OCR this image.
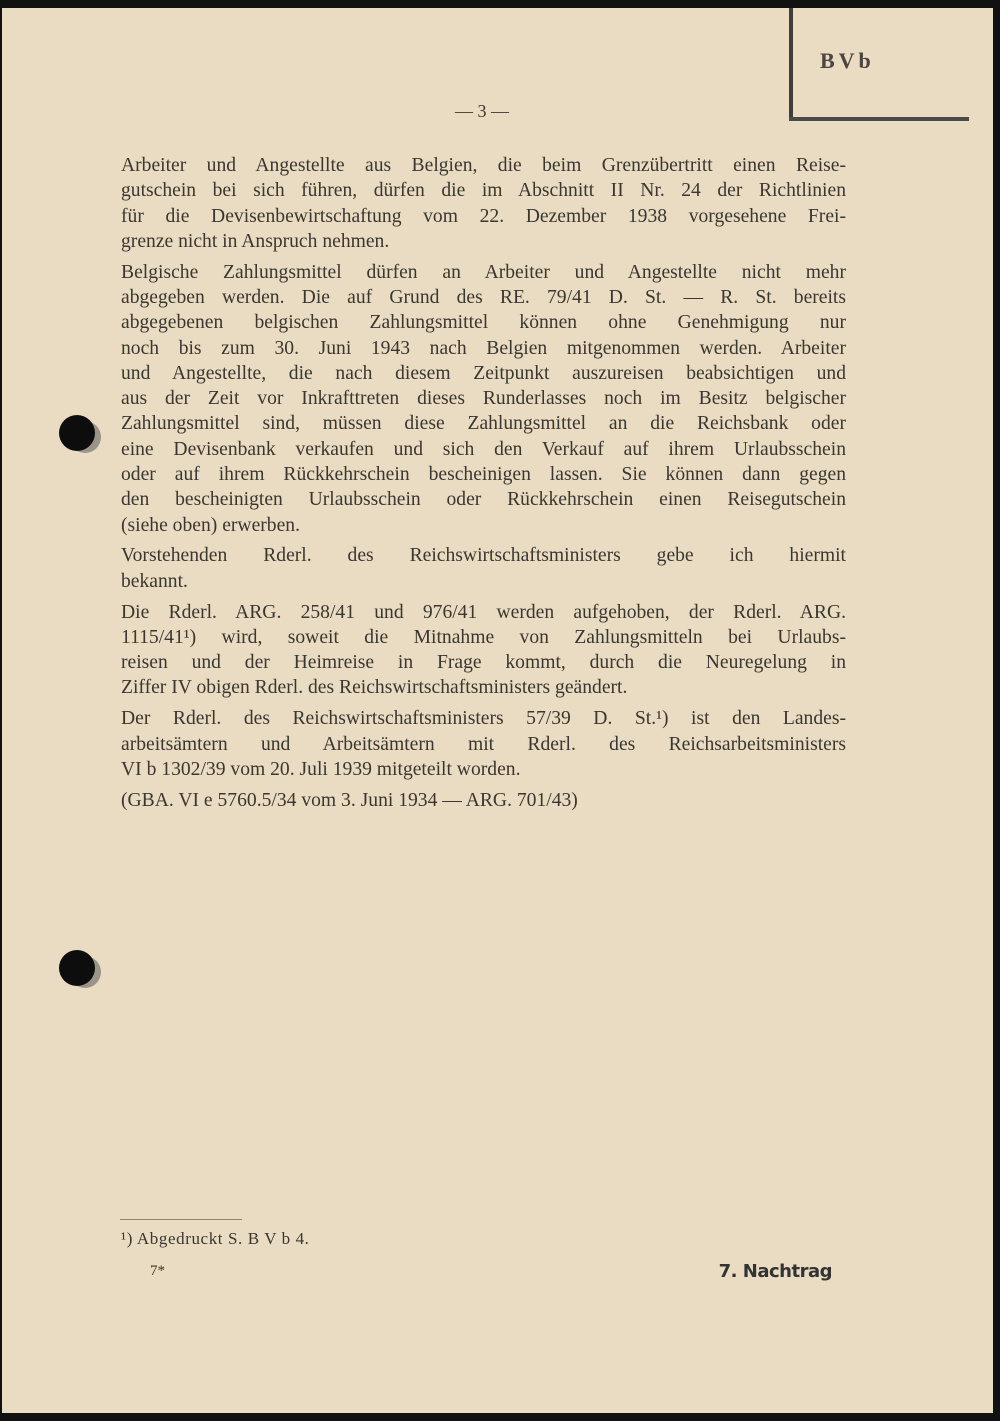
BVb
— 3 —
Arbeiter und Angestellte aus Belgien, die beim Grenzübertritt einen Reise-
gutschein bei sich führen, dürfen die im Abschnitt II Nr. 24 der Richtlinien
für die Devisenbewirtschaftung vom 22. Dezember 1938 vorgesehene Frei-
grenze nicht in Anspruch nehmen.
Belgische Zahlungsmittel dürfen an Arbeiter und Angestellte nicht mehr
abgegeben werden. Die auf Grund des RE. 79/41 D. St. — R. St. bereits
abgegebenen belgischen Zahlungsmittel können ohne Genehmigung nur
noch bis zum 30. Juni 1943 nach Belgien mitgenommen werden. Arbeiter
und Angestellte, die nach diesem Zeitpunkt auszureisen beabsichtigen und
aus der Zeit vor Inkrafttreten dieses Runderlasses noch im Besitz belgischer
Zahlungsmittel sind, müssen diese Zahlungsmittel an die Reichsbank oder
eine Devisenbank verkaufen und sich den Verkauf auf ihrem Urlaubsschein
oder auf ihrem Rückkehrschein bescheinigen lassen. Sie können dann gegen
den bescheinigten Urlaubsschein oder Rückkehrschein einen Reisegutschein
(siehe oben) erwerben.
Vorstehenden Rderl. des Reichswirtschaftsministers gebe ich hiermit
bekannt.
Die Rderl. ARG. 258/41 und 976/41 werden aufgehoben, der Rderl. ARG.
1115/41¹) wird, soweit die Mitnahme von Zahlungsmitteln bei Urlaubs-
reisen und der Heimreise in Frage kommt, durch die Neuregelung in
Ziffer IV obigen Rderl. des Reichswirtschaftsministers geändert.
Der Rderl. des Reichswirtschaftsministers 57/39 D. St.¹) ist den Landes-
arbeitsämtern und Arbeitsämtern mit Rderl. des Reichsarbeitsministers
VI b 1302/39 vom 20. Juli 1939 mitgeteilt worden.
(GBA. VI e 5760.5/34 vom 3. Juni 1934 — ARG. 701/43)
¹) Abgedruckt S. B V b 4.
7*	7. Nachtrag
